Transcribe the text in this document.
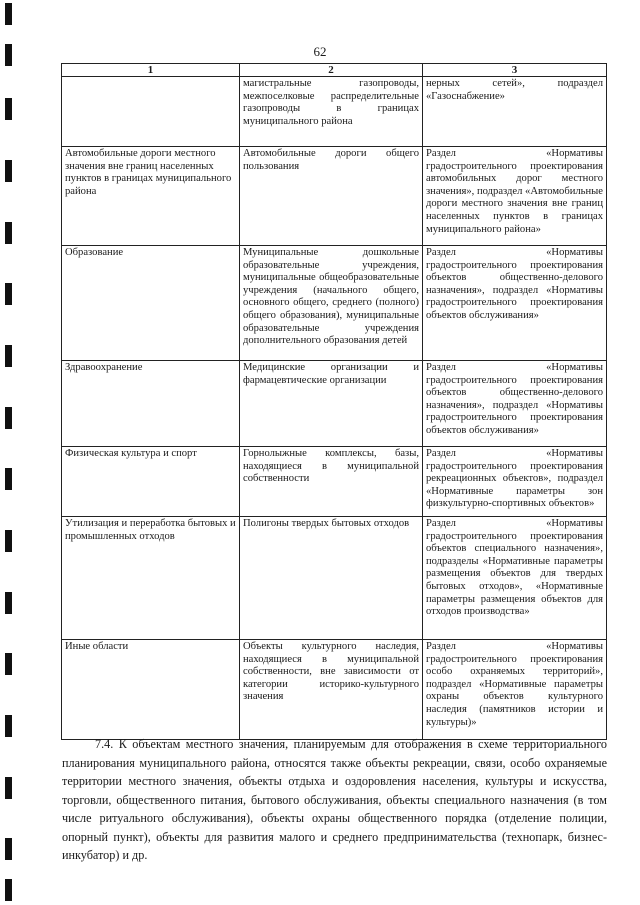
62
1	2	3
	магистральные газопроводы, межпоселковые распределительные газопроводы в границах муниципального района	нерных сетей», подраздел «Газоснабжение»
Автомобильные дороги местного значения вне границ населенных пунктов в границах муниципального района	Автомобильные дороги общего пользования	Раздел «Нормативы градостроительного проектирования автомобильных дорог местного значения», подраздел «Автомобильные дороги местного значения вне границ населенных пунктов в границах муниципального района»
Образование	Муниципальные дошкольные образовательные учреждения, муниципальные общеобразовательные учреждения (начального общего, основного общего, среднего (полного) общего образования), муниципальные образовательные учреждения дополнительного образования детей	Раздел «Нормативы градостроительного проектирования объектов общественно-делового назначения», подраздел «Нормативы градостроительного проектирования объектов обслуживания»
Здравоохранение	Медицинские организации и фармацевтические организации	Раздел «Нормативы градостроительного проектирования объектов общественно-делового назначения», подраздел «Нормативы градостроительного проектирования объектов обслуживания»
Физическая культура и спорт	Горнолыжные комплексы, базы, находящиеся в муниципальной собственности	Раздел «Нормативы градостроительного проектирования рекреационных объектов», подраздел «Нормативные параметры зон физкультурно-спортивных объектов»
Утилизация и переработка бытовых и промышленных отходов	Полигоны твердых бытовых отходов	Раздел «Нормативы градостроительного проектирования объектов специального назначения», подразделы «Нормативные параметры размещения объектов для твердых бытовых отходов», «Нормативные параметры размещения объектов для отходов производства»
Иные области	Объекты культурного наследия, находящиеся в муниципальной собственности, вне зависимости от категории историко-культурного значения	Раздел «Нормативы градостроительного проектирования особо охраняемых территорий», подраздел «Нормативные параметры охраны объектов культурного наследия (памятников истории и культуры)»

7.4. К объектам местного значения, планируемым для отображения в схеме территориального планирования муниципального района, относятся также объекты рекреации, связи, особо охраняемые территории местного значения, объекты отдыха и оздоровления населения, культуры и искусства, торговли, общественного питания, бытового обслуживания, объекты специального назначения (в том числе ритуального обслуживания), объекты охраны общественного порядка (отделение полиции, опорный пункт), объекты для развития малого и среднего предпринимательства (технопарк, бизнес-инкубатор) и др.
